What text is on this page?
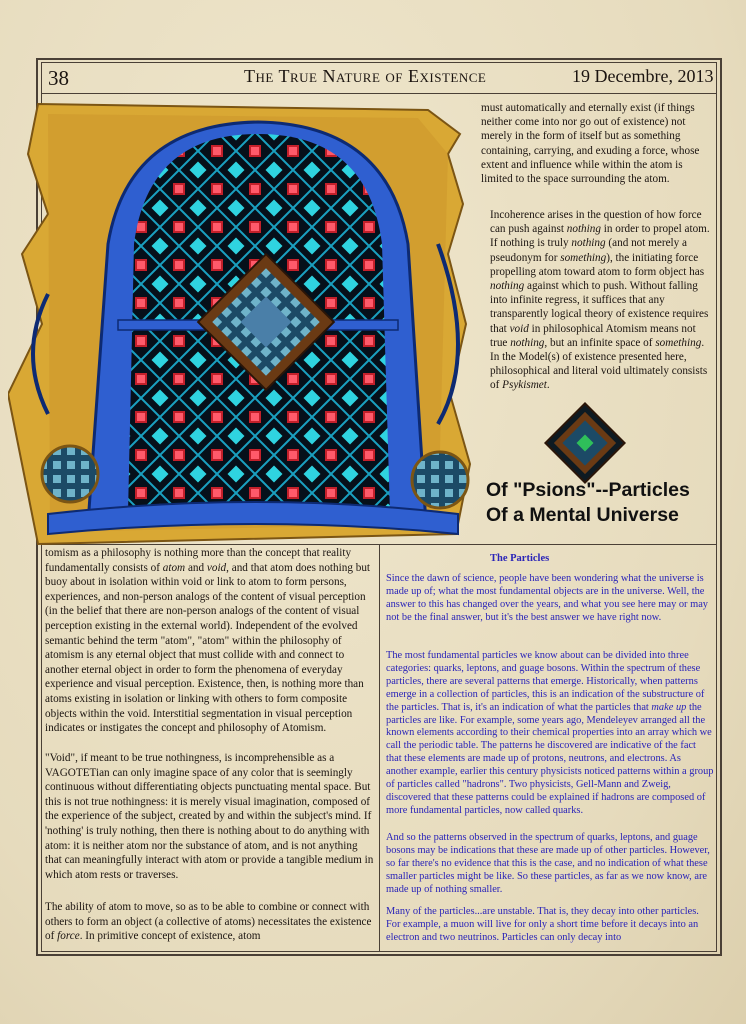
38	The True Nature of Existence	19 Decembre, 2013

must automatically and eternally exist (if things neither come into nor go out of existence) not merely in the form of itself but as something containing, carrying, and exuding a force, whose extent and influence while within the atom is limited to the space surrounding the atom.

Incoherence arises in the question of how force can push against nothing in order to propel atom. If nothing is truly nothing (and not merely a pseudonym for something), the initiating force propelling atom toward atom to form object has nothing against which to push. Without falling into infinite regress, it suffices that any transparently logical theory of existence requires that void in philosophical Atomism means not true nothing, but an infinite space of something. In the Model(s) of existence presented here, philosophical and literal void ultimately consists of Psykismet.

Of "Psions"--Particles Of a Mental Universe

tomism as a philosophy is nothing more than the concept that reality fundamentally consists of atom and void, and that atom does nothing but buoy about in isolation within void or link to atom to form persons, experiences, and non-person analogs of the content of visual perception (in the belief that there are non-person analogs of the content of visual perception existing in the external world). Independent of the evolved semantic behind the term "atom", "atom" within the philosophy of atomism is any eternal object that must collide with and connect to another eternal object in order to form the phenomena of everyday experience and visual perception. Existence, then, is nothing more than atoms existing in isolation or linking with others to form composite objects within the void. Interstitial segmentation in visual perception indicates or instigates the concept and philosophy of Atomism.

"Void", if meant to be true nothingness, is incomprehensible as a VAGOTETian can only imagine space of any color that is seemingly continuous without differentiating objects punctuating mental space. But this is not true nothingness: it is merely visual imagination, composed of the experience of the subject, created by and within the subject's mind. If 'nothing' is truly nothing, then there is nothing about to do anything with atom: it is neither atom nor the substance of atom, and is not anything that can meaningfully interact with atom or provide a tangible medium in which atom rests or traverses.

The ability of atom to move, so as to be able to combine or connect with others to form an object (a collective of atoms) necessitates the existence of force. In primitive concept of existence, atom

The Particles

Since the dawn of science, people have been wondering what the universe is made up of; what the most fundamental objects are in the universe. Well, the answer to this has changed over the years, and what you see here may or may not be the final answer, but it's the best answer we have right now.

The most fundamental particles we know about can be divided into three categories: quarks, leptons, and guage bosons. Within the spectrum of these particles, there are several patterns that emerge. Historically, when patterns emerge in a collection of particles, this is an indication of the substructure of the particles. That is, it's an indication of what the particles that make up the particles are like. For example, some years ago, Mendeleyev arranged all the known elements according to their chemical properties into an array which we call the periodic table. The patterns he discovered are indicative of the fact that these elements are made up of protons, neutrons, and electrons. As another example, earlier this century physicists noticed patterns within a group of particles called "hadrons". Two physicists, Gell-Mann and Zweig, discovered that these patterns could be explained if hadrons are composed of more fundamental particles, now called quarks.

And so the patterns observed in the spectrum of quarks, leptons, and guage bosons may be indications that these are made up of other particles. However, so far there's no evidence that this is the case, and no indication of what these smaller particles might be like. So these particles, as far as we now know, are made up of nothing smaller.

Many of the particles...are unstable. That is, they decay into other particles. For example, a muon will live for only a short time before it decays into an electron and two neutrinos. Particles can only decay into
